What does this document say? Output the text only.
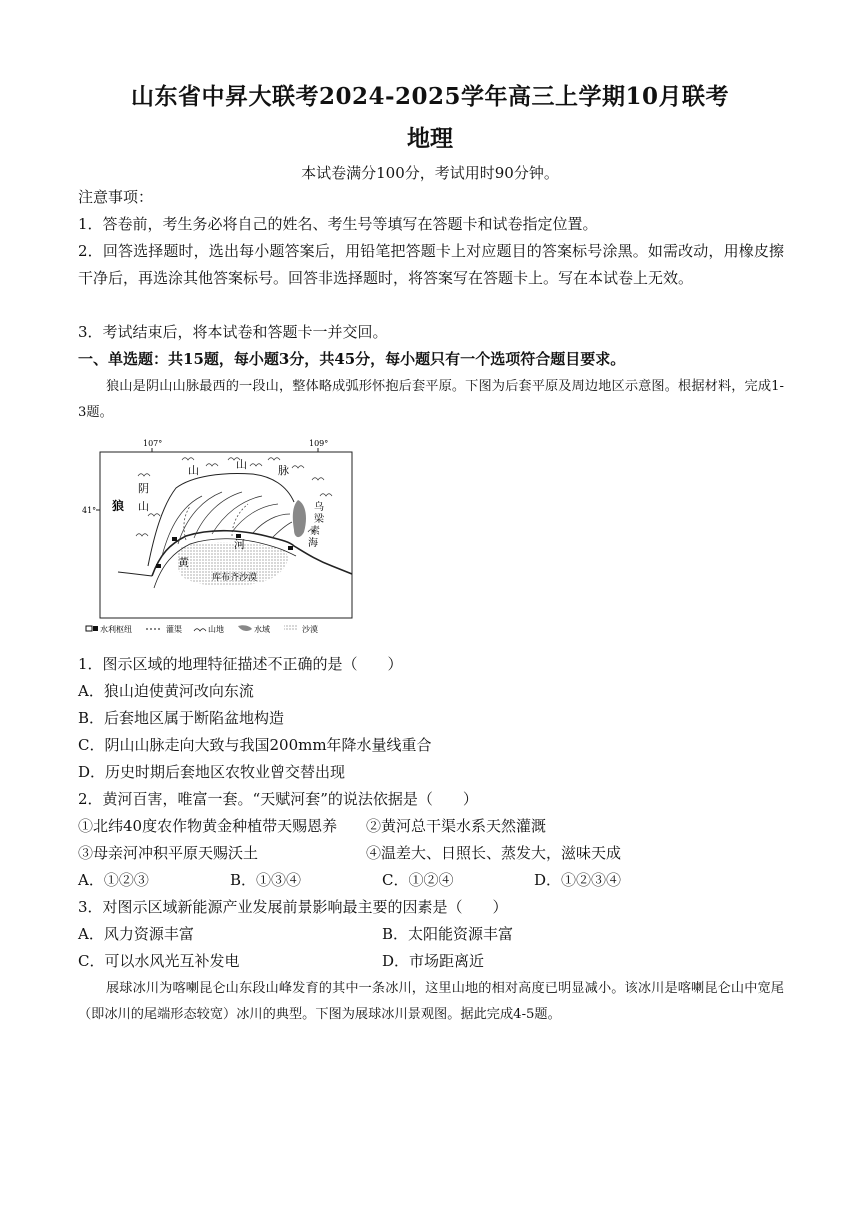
山东省中昇大联考2024-2025学年高三上学期10月联考
地理
本试卷满分100分，考试用时90分钟。
注意事项：
1．答卷前，考生务必将自己的姓名、考生号等填写在答题卡和试卷指定位置。
2．回答选择题时，选出每小题答案后，用铅笔把答题卡上对应题目的答案标号涂黑。如需改动，用橡皮擦干净后，再选涂其他答案标号。回答非选择题时，将答案写在答题卡上。写在本试卷上无效。
3．考试结束后，将本试卷和答题卡一并交回。
一、单选题：共15题，每小题3分，共45分，每小题只有一个选项符合题目要求。
狼山是阴山山脉最西的一段山，整体略成弧形怀抱后套平原。下图为后套平原及周边地区示意图。根据材料，完成1-3题。
107°	109°
41°
山	山	脉
阴
山
狼	乌
梁
素
海
河
黄
库布齐沙漠
水利枢纽	灌渠	山地	水域	沙漠
1．图示区域的地理特征描述不正确的是（　　）
A．狼山迫使黄河改向东流
B．后套地区属于断陷盆地构造
C．阴山山脉走向大致与我国200mm年降水量线重合
D．历史时期后套地区农牧业曾交替出现
2．黄河百害，唯富一套。“天赋河套”的说法依据是（　　）
①北纬40度农作物黄金种植带天赐恩养 ②黄河总干渠水系天然灌溉
③母亲河冲积平原天赐沃土	④温差大、日照长、蒸发大，滋味天成
A．①②③	B．①③④	C．①②④	D．①②③④
3．对图示区域新能源产业发展前景影响最主要的因素是（　　）
A．风力资源丰富	B．太阳能资源丰富
C．可以水风光互补发电	D．市场距离近
展球冰川为喀喇昆仑山东段山峰发育的其中一条冰川，这里山地的相对高度已明显减小。该冰川是喀喇昆仑山中宽尾（即冰川的尾端形态较宽）冰川的典型。下图为展球冰川景观图。据此完成4-5题。
